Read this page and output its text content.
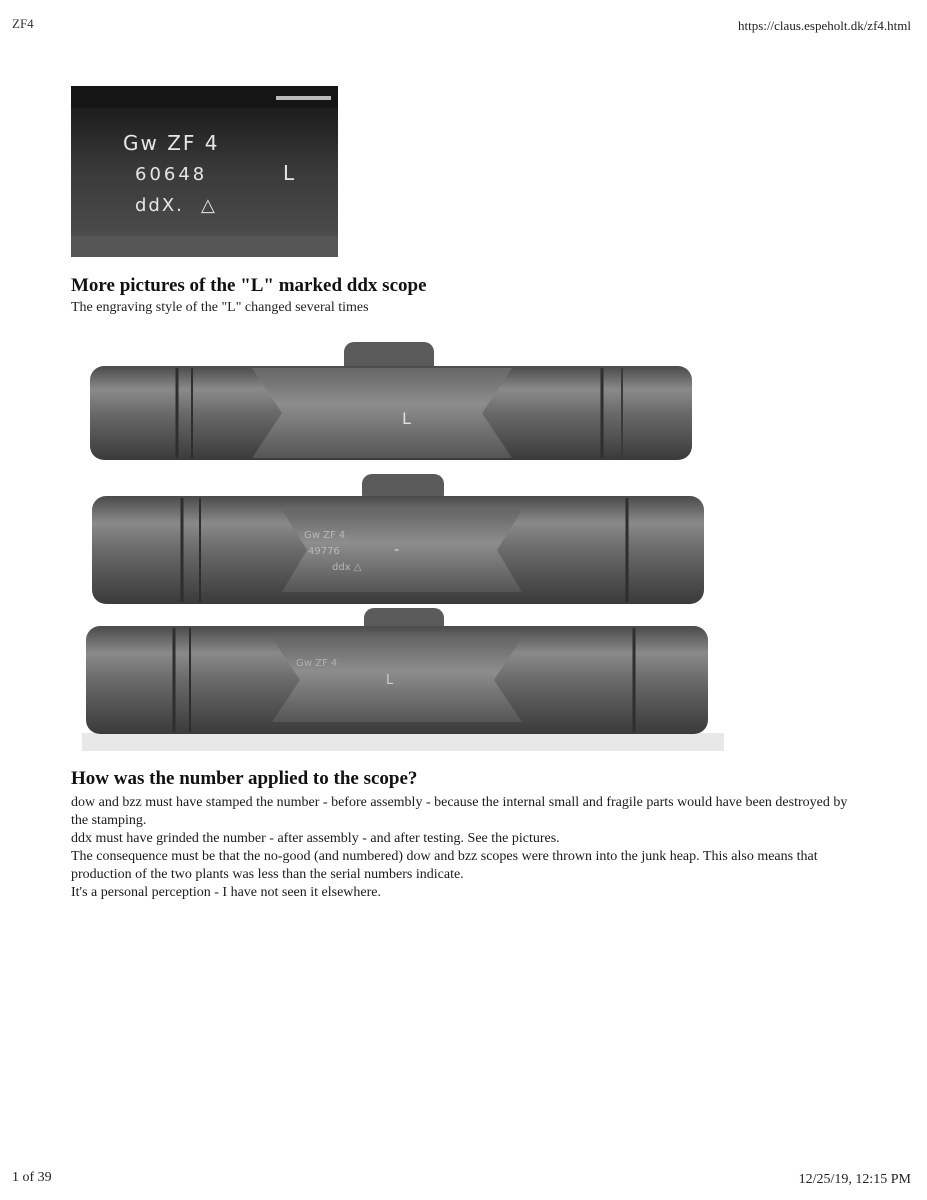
ZF4	https://claus.espeholt.dk/zf4.html
Gw ZF 4
60648	L
ddX. △
More pictures of the "L" marked ddx scope
The engraving style of the "L" changed several times
L
Gw ZF 4
49776
ddx △
-
Gw ZF 4
L
How was the number applied to the scope?

dow and bzz must have stamped the number - before assembly - because the internal small and fragile parts would have been destroyed by the stamping.

ddx must have grinded the number - after assembly - and after testing. See the pictures.

The consequence must be that the no-good (and numbered) dow and bzz scopes were thrown into the junk heap. This also means that production of the two plants was less than the serial numbers indicate.

It's a personal perception - I have not seen it elsewhere.

1 of 39	12/25/19, 12:15 PM
